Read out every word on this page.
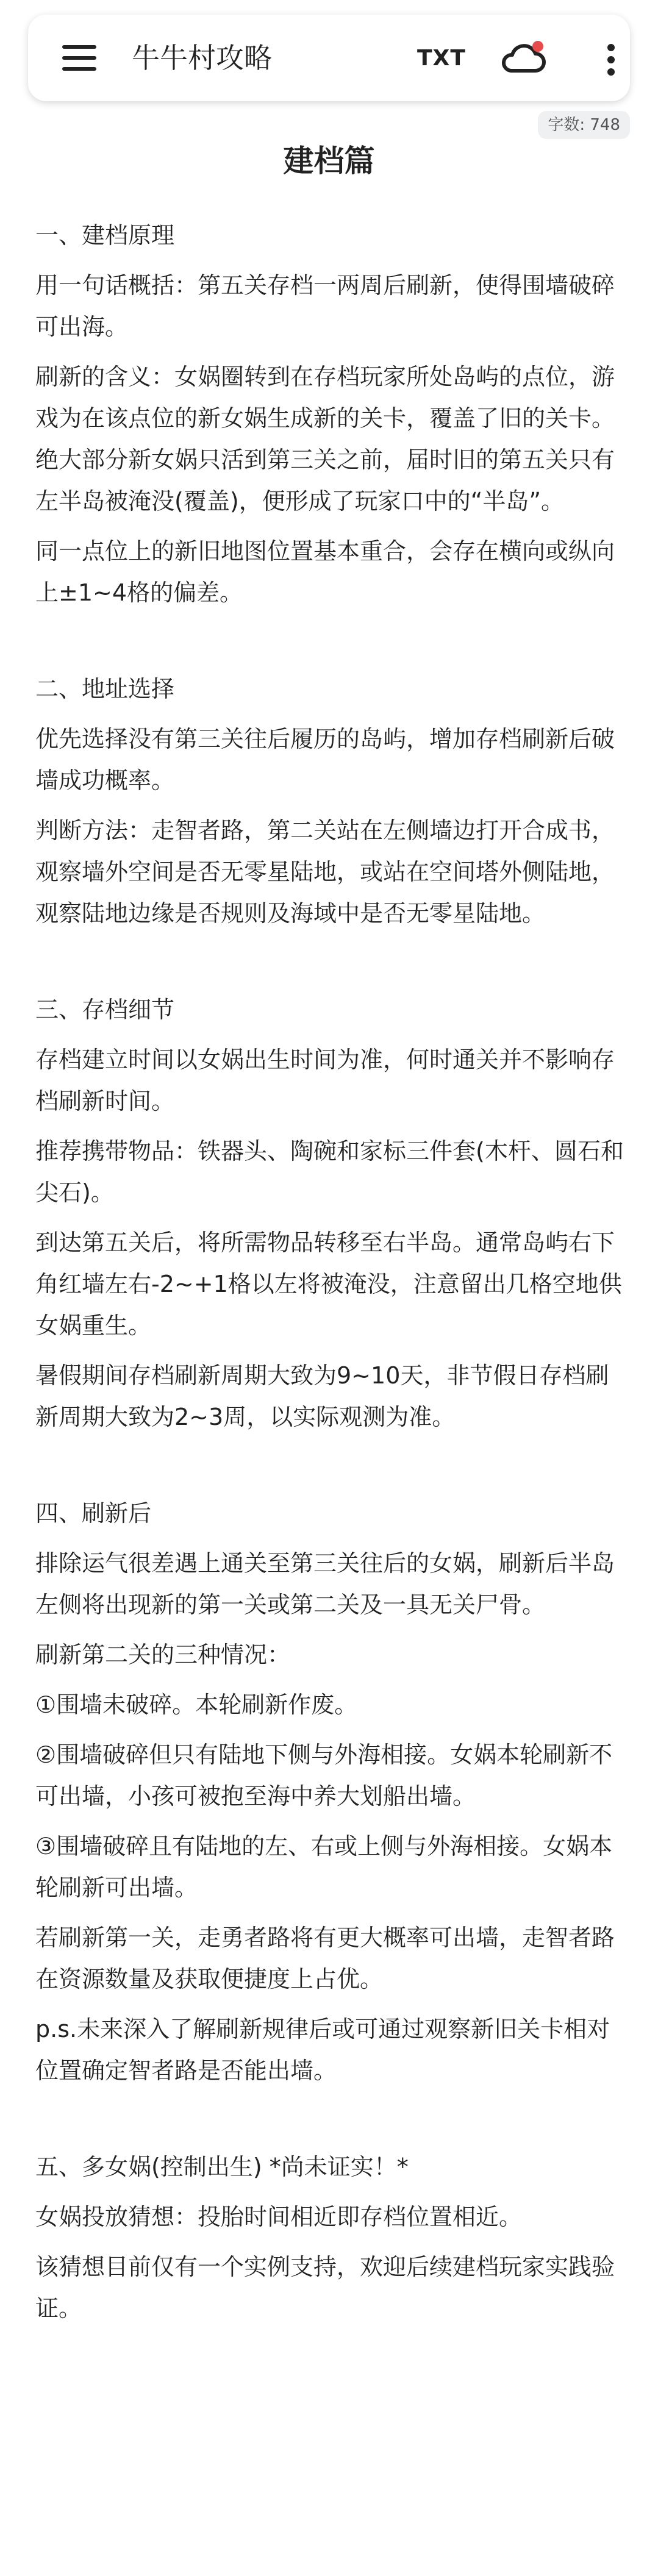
牛牛村攻略	TXT
字数: 748
建档篇

一、建档原理

用一句话概括：第五关存档一两周后刷新，使得围墙破碎可出海。

刷新的含义：女娲圈转到在存档玩家所处岛屿的点位，游戏为在该点位的新女娲生成新的关卡，覆盖了旧的关卡。绝大部分新女娲只活到第三关之前，届时旧的第五关只有左半岛被淹没(覆盖)，便形成了玩家口中的“半岛”。

同一点位上的新旧地图位置基本重合，会存在横向或纵向上±1~4格的偏差。

二、地址选择

优先选择没有第三关往后履历的岛屿，增加存档刷新后破墙成功概率。

判断方法：走智者路，第二关站在左侧墙边打开合成书，观察墙外空间是否无零星陆地，或站在空间塔外侧陆地，观察陆地边缘是否规则及海域中是否无零星陆地。

三、存档细节

存档建立时间以女娲出生时间为准，何时通关并不影响存档刷新时间。

推荐携带物品：铁器头、陶碗和家标三件套(木杆、圆石和尖石)。

到达第五关后，将所需物品转移至右半岛。通常岛屿右下角红墙左右-2~+1格以左将被淹没，注意留出几格空地供女娲重生。

暑假期间存档刷新周期大致为9~10天，非节假日存档刷新周期大致为2~3周，以实际观测为准。

四、刷新后

排除运气很差遇上通关至第三关往后的女娲，刷新后半岛左侧将出现新的第一关或第二关及一具无关尸骨。

刷新第二关的三种情况：

①围墙未破碎。本轮刷新作废。

②围墙破碎但只有陆地下侧与外海相接。女娲本轮刷新不可出墙，小孩可被抱至海中养大划船出墙。

③围墙破碎且有陆地的左、右或上侧与外海相接。女娲本轮刷新可出墙。

若刷新第一关，走勇者路将有更大概率可出墙，走智者路在资源数量及获取便捷度上占优。

p.s.未来深入了解刷新规律后或可通过观察新旧关卡相对位置确定智者路是否能出墙。

五、多女娲(控制出生) *尚未证实！*

女娲投放猜想：投胎时间相近即存档位置相近。

该猜想目前仅有一个实例支持，欢迎后续建档玩家实践验证。
